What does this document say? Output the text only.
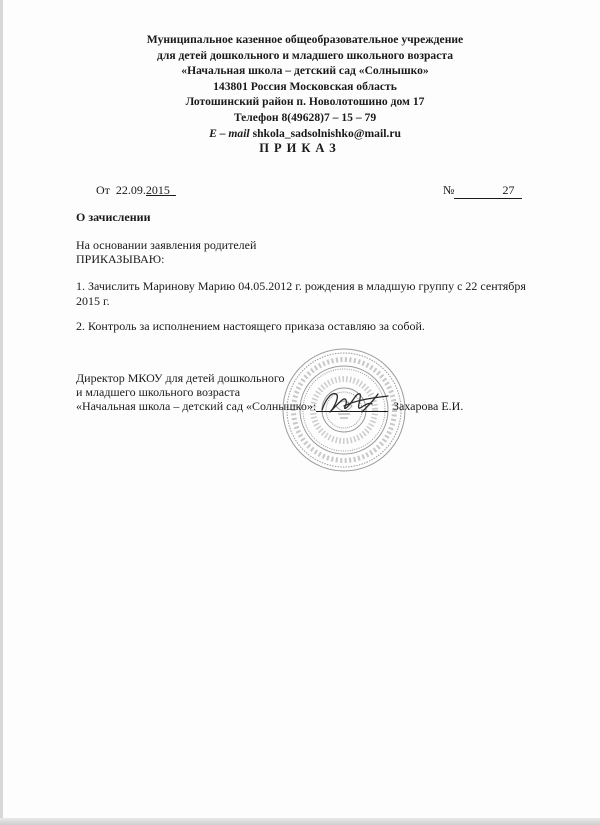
Муниципальное казенное общеобразовательное учреждение
для детей дошкольного и младшего школьного возраста
«Начальная школа – детский сад «Солнышко»
143801 Россия Московская область
Лотошинский район п. Новолотошино дом 17
Телефон 8(49628)7 – 15 – 79
E – mail shkola_sadsolnishko@mail.ru
ПРИКАЗ
От 22.09.2015	№	27
О зачислении
На основании заявления родителей
ПРИКАЗЫВАЮ:
1. Зачислить Маринову Марию 04.05.2012 г. рождения в младшую группу с 22 сентября 2015 г.
2. Контроль за исполнением настоящего приказа оставляю за собой.
Директор МКОУ для детей дошкольного
и младшего школьного возраста
«Начальная школа – детский сад «Солнышко»:	Захарова Е.И.
